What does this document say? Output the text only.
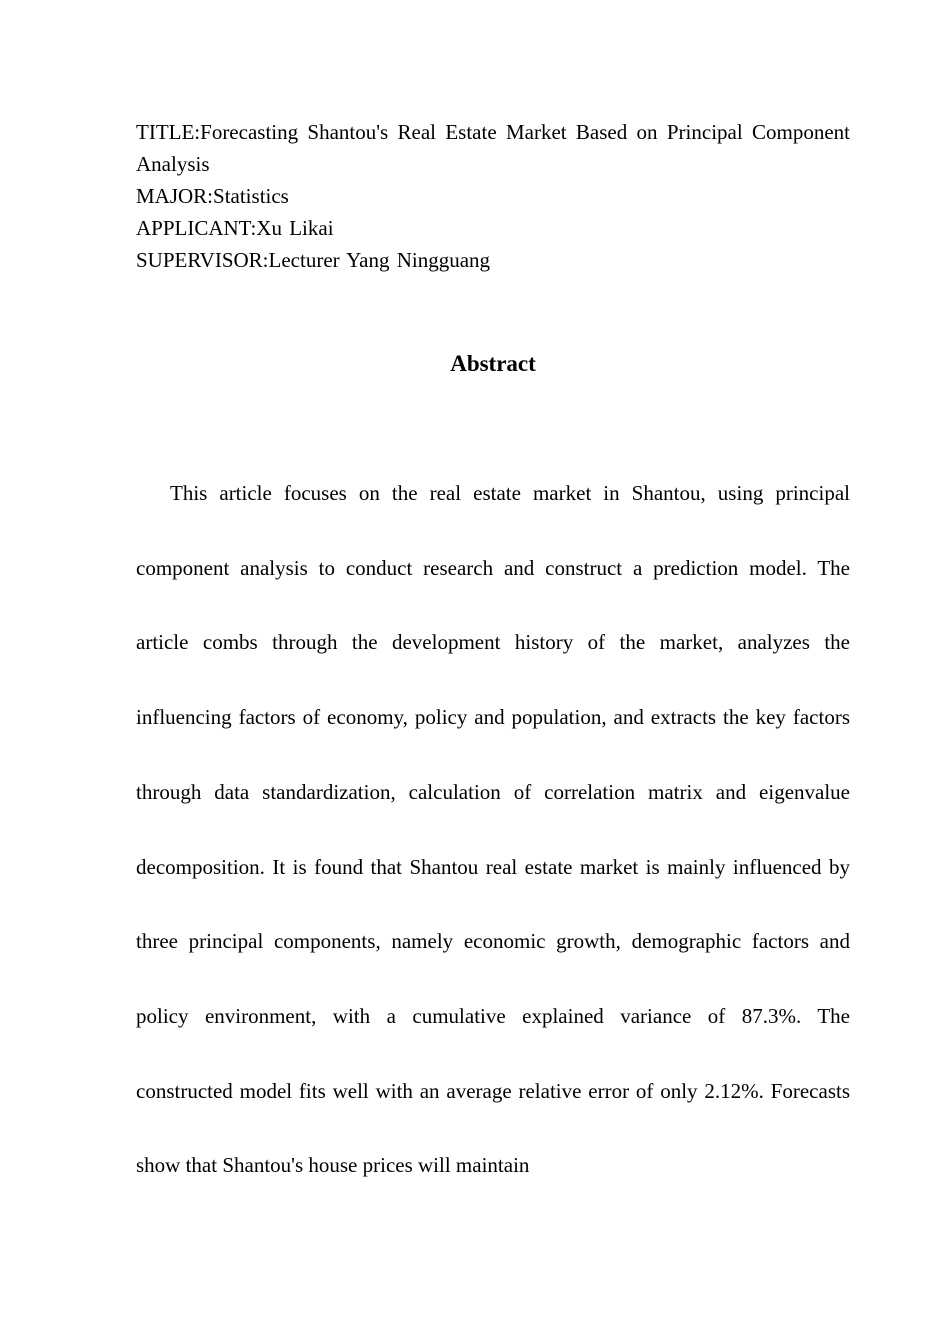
TITLE:Forecasting Shantou's Real Estate Market Based on Principal Component Analysis
MAJOR:Statistics
APPLICANT:Xu Likai
SUPERVISOR:Lecturer Yang Ningguang
Abstract

This article focuses on the real estate market in Shantou, using principal component analysis to conduct research and construct a prediction model. The article combs through the development history of the market, analyzes the influencing factors of economy, policy and population, and extracts the key factors through data standardization, calculation of correlation matrix and eigenvalue decomposition. It is found that Shantou real estate market is mainly influenced by three principal components, namely economic growth, demographic factors and policy environment, with a cumulative explained variance of 87.3%. The constructed model fits well with an average relative error of only 2.12%. Forecasts show that Shantou's house prices will maintain
